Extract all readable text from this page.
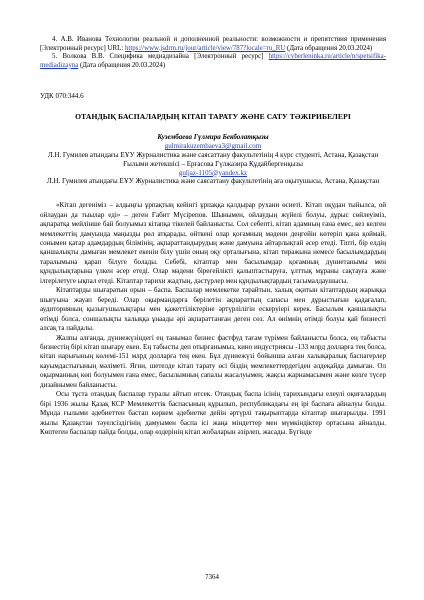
4. А.В. Иванова Технологии реальной и дополненной реальности: возможности и препятствия применения [Электронный ресурс] URL: https://www.jsdrm.ru/jour/article/view/787?locale=ru_RU (Дата обращения 20.03.2024)

5. Волкова В.В. Специфика медиадизайна [Электронный ресурс] https://cyberleninka.ru/article/n/spetsifika-mediadizayna (Дата обращения 20.03.2024)

УДК 070:344.6
ОТАНДЫҚ БАСПАЛАРДЫҢ КІТАП ТАРАТУ ЖӘНЕ САТУ ТӘЖІРИБЕЛЕРІ
Кузембаева Гүлмира Бекболатқызы
gulmirakuzembaeva3@gmail.com
Л.Н. Гумилев атындағы ЕҰУ Журналистика және саясаттану факультетінің 4 курс студенті, Астана, Қазақстан
Ғылыми жетекшісі – Ерғасова Гүлжазира Құдайбергенқызы
guljaz-1105@yandex.kz
Л.Н. Гумилев атындағы ЕҰУ Журналистика және саясаттану факультетінің аға оқытушысы, Астана, Қазақстан

«Кітап дегеніміз – алдыңғы ұрпақтың кейінгі ұрпаққа қалдырар рухани өсиеті. Кітап оқудан тыйылса, ой ойлаудан да тыылар еді» – деген Ғабит Мүсірепов. Шынымен, ойлаудың жүйелі болуы, дұрыс сөйлеуіміз, ақпаратқа мейлінше бай болуымыз кітапқа тікелей байланысты. Сол себепті, кітап адамның ғана емес, кез келген мемлекеттің дамуында маңызды рөл атқарады, өйткені олар қоғамның мәдени деңгейін көтеріп қана қоймай, сонымен қатар адамдардың білімінің, ақпараттандырудың және дамуына айтарлықтай әсер етеді. Тіпті, бір елдің қаншалықты дамыған мемлекет екенін білу үшін оның оқу орталығына, кітап тиражына немесе басылымдардың таралымына қарап білуге болады. Себебі, кітаптар мен басылымдар қоғамның дүниетанымы мен құндылықтарына үлкен әсер етеді. Олар мәдени біреғейлікті қалыптастыруға, ұлттық мұраны сақтауға және ілгерілетуге ықпал етеді. Кітаптар тарихи жадтың, дәстүрлер мен құндылықтардың тасымалдаушысы.

Кітаптарды шығаратын орын – баспа. Баспалар мемлекетке тарайтын, халық оқитын кітаптардың жарыққа шығуына жауап береді. Олар оқырмандарға берілетін ақпараттың сапасы мен дұрыстығын қадағалап, аудиторияның қызығушылықтары мен қажеттіліктеріне әртүрлілігін ескеруіері керек. Басылым қаншалықты өтімді болса, соншалықты халыққа ұнаады әрі ақпараттанған деген сөз. Ал өнімнің өтімді болуы қай бизнесті алсақ та пайдалы.

Жалпы алғанда, дүниежүзіндегі ең танымал бизнес фастфуд тағам түрімен байланысты болса, ең табысты бизнестің бірі кітап шығару екен. Ең табысты деп отырғанымыз, кино индустриясы -133 млрд долларға тең болса, кітап нарығының көлемі-151 млрд долларға тең екен. Бұл дүниежүзі бойынша алған халықаралық баспагерлер кауымдастығының мәліметі. Яғни, шетелде кітап тарату өсі біздің мемлекеттердегіден әлдеқайда дамыған. Ол оқырманның көп болуымен ғана емес, басылымның сапалы жасалуымен, жақсы жарнамасымен және көзге түсер дизайнымен байланысты.

Осы тұста отандық баспалар туралы айтып өтсек. Отандық баспа ісінің тарихындағы елеулі оқиғалардың бірі 1936 жылы Қазақ КСР Мемлекеттік баспасының құрылып, республикадағы ең ірі баспаға айналуы болды. Мұнда ғылыми әдебиеттен бастап көркем әдебиетке дейін әртүрлі тақырыптарда кітаптар шығарылды. 1991 жылы Қазақстан тәуелсіздігінің дамуымен баспа ісі жаңа міндеттер мен мүмкіндіктер ортасына айналды. Көптеген баспалар пайда болды, олар өздерінің кітап жобаларын әзірлеп, жасады. Бүгінде

7364
